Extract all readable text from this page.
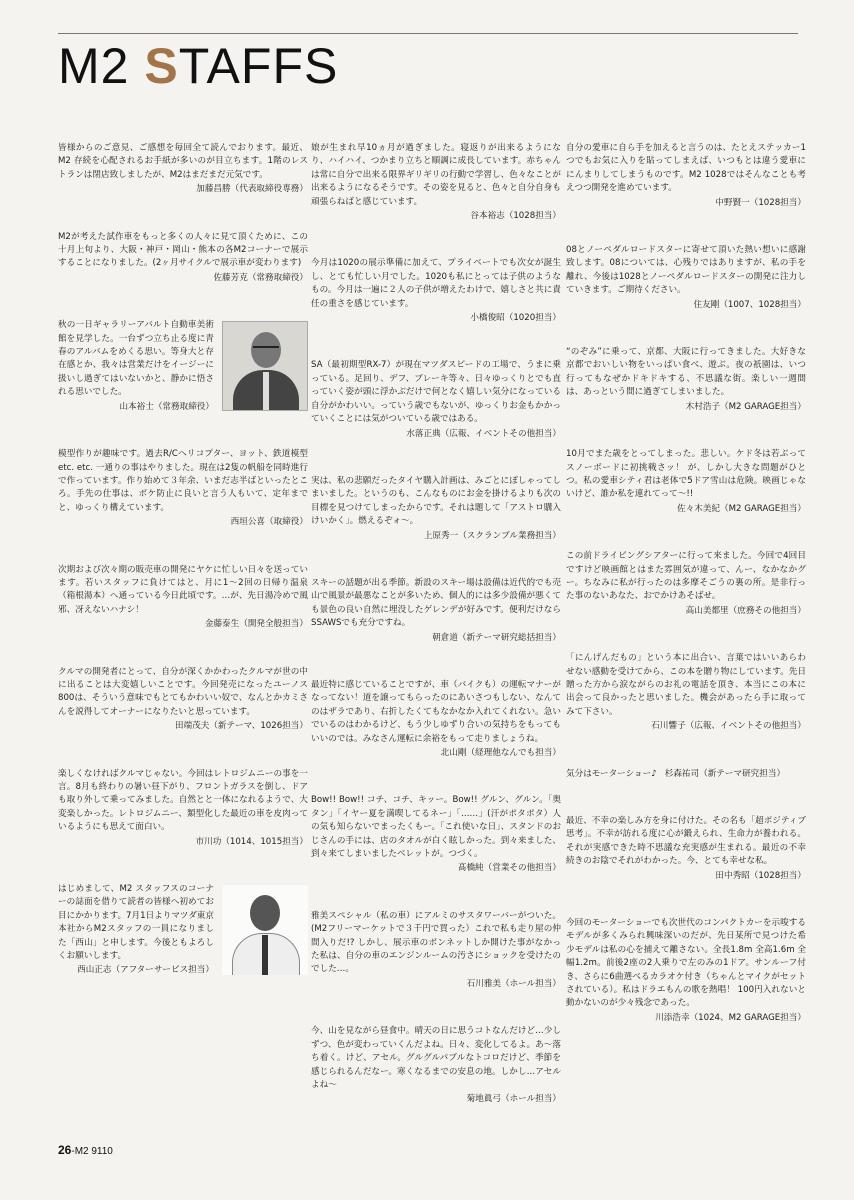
M2 STAFFS

皆様からのご意見、ご感想を毎回全て読んでおります。最近、M2 存続を心配されるお手紙が多いのが目立ちます。1階のレストランは閉店致しましたが、M2はまだまだ元気です。
加藤昌勝（代表取締役専務）

M2が考えた試作車をもっと多くの人々に見て頂くために、この十月上旬より、大阪・神戸・岡山・熊本の各M2コーナーで展示することになりました。(2ヶ月サイクルで展示車が変わります)
佐藤芳克（常務取締役）

秋の一日ギャラリーアバルト自動車美術館を見学した。一台ずつ立ち止る度に青春のアルバムをめくる思い。等身大と存在感とか、我々は営業だけをイージーに扱いし過ぎてはいないかと、静かに悟される思いでした。
山本裕士（常務取締役）

模型作りが趣味です。過去R/Cヘリコプター、ヨット、鉄道模型etc. etc. 一通りの事はやりました。現在は2隻の帆船を同時進行で作っています。作り始めて３年余、いまだ志半ばといったところ。手先の仕事は、ボケ防止に良いと言う人もいて、定年までと、ゆっくり構えています。
西垣公喜（取締役）

次期および次々期の販売車の開発にヤケに忙しい日々を送っています。若いスタッフに負けてはと、月に1〜2回の日帰り温泉（箱根湯本）へ通っている今日此頃です。…が、先日湯冷めで風邪、冴えないハナシ！
金藤泰生（開発全般担当）

クルマの開発者にとって、自分が深くかかわったクルマが世の中に出ることは大変嬉しいことです。今回発売になったユーノス800は、そういう意味でもとてもかわいい奴で、なんとかカミさんを説得してオーナーになりたいと思っています。
田端茂夫（新テーマ、1026担当）

楽しくなければクルマじゃない。今回はレトロジムニーの事を一言。8月も終わりの暑い昼下がり、フロントガラスを倒し、ドアも取り外して乗ってみました。自然とと一体になれるようで、大変楽しかった。レトロジムニー、類型化した最近の車を皮肉っているようにも思えて面白い。
市川功（1014、1015担当）

はじめまして、M2 スタッフスのコーナーの誌面を借りて読者の皆様へ初めてお目にかかります。7月1日よりマツダ東京本社からM2スタッフの一員になりました「西山」と申します。今後ともよろしくお願いします。
西山正志（アフターサービス担当）

娘が生まれ早10ヵ月が過ぎました。寝返りが出来るようになり、ハイハイ、つかまり立ちと順調に成長しています。赤ちゃんは常に自分で出来る限界ギリギリの行動で学習し、色々なことが出来るようになるそうです。その姿を見ると、色々と自分自身も頑張らねばと感じています。
谷本裕志（1028担当）

今月は1020の展示準備に加えて、プライベートでも次女が誕生し、とても忙しい月でした。1020も私にとっては子供のようなもの。今月は一遍に２人の子供が増えたわけで、嬉しさと共に責任の重さを感じています。
小橋俊昭（1020担当）

SA（最初期型RX-7）が現在マツダスピードの工場で、うまに乗っている。足回り、デフ、ブレーキ等々、日々ゆっくりとでも直っていく姿が頭に浮かぶだけで何となく嬉しい気分になっている自分がかわいい。っていう歳でもないが、ゆっくりお金もかかっていくことには気がついている歳ではある。
水落正典（広報、イベントその他担当）

実は、私の悲願だったタイヤ購入計画は、みごとにぽしゃってしまいました。というのも、こんなものにお金を掛けるよりも次の目標を見つけてしまったからです。それは題して「アストロ購入けいかく」。燃えるぞォ〜。
上原秀一（スクランブル業務担当）

スキーの話題が出る季節。新設のスキー場は設備は近代的でも売山で風景が最悪なことが多いため、個人的には多少設備が悪くても景色の良い自然に埋没したゲレンデが好みです。便利だけならSSAWSでも充分ですね。
朝倉道（新テーマ研究総括担当）

最近特に感じていることですが、車（バイクも）の運転マナーがなってない！道を譲ってもらったのにあいさつもしない、なんてのはザラであり、右折したくてもなかなか入れてくれない。急いでいるのはわかるけど、もう少しゆずり合いの気持ちをもってもいいのでは。みなさん運転に余裕をもって走りましょうね。
北山剛（経理他なんでも担当）

Bow!! Bow!! コチ、コチ、キッー。Bow!! グルン、グルン。「奥タン」「イヤー夏を満喫してるネー」「……」(汗がポタポタ）人の気も知らないでまったくもー。「これ使いな日」、スタンドのおじさんの手には、店のタオルが白く眩しかった。到々来ました、到々来てしまいましたベレットが。つづく。
髙橋純（営業その他担当）

雅美スペシャル（私の車）にアルミのサスタワーバーがついた。(M2フリーマーケットで３千円で買った）これで私も走り屋の仲間入りだ!? しかし、展示車のボンネットしか開けた事がなかった私は、自分の車のエンジンルームの汚さにショックを受けたのでした…。
石川雅美（ホール担当）

今、山を見ながら昼食中。晴天の日に思うコトなんだけど…少しずつ、色が変わっていくんだよね。日々、変化してるよ。あ〜落ち着く。けど、アセル。グルグルパブルなトコロだけど、季節を感じられるんだなー。寒くなるまでの安息の地。しかし…アセルよね〜
菊地眞弓（ホール担当）

自分の愛車に自ら手を加えると言うのは、たとえステッカー1つでもお気に入りを貼ってしまえば、いつもとは違う愛車ににんまりしてしまうものです。M2 1028ではそんなことも考えつつ開発を進めています。
中野賢一（1028担当）

08とノーペダルロードスターに寄せて頂いた熱い想いに感謝致します。08については、心残りではありますが、私の手を離れ、今後は1028とノーペダルロードスターの開発に注力していきます。ご期待ください。
住友剛（1007、1028担当）

“のぞみ”に乗って、京都、大阪に行ってきました。大好きな京都でおいしい物をいっぱい食べ、遊ぶ。夜の祇園は、いつ行ってもなぜかドキドキする、不思議な街。楽しい一週間は、あっという間に過ぎてしまいました。
木村浩子（M2 GARAGE担当）

10月でまた歳をとってしまった。悲しい。ケド冬は若ぶってスノーボードに初挑戦さッ！ が、しかし大きな問題がひとつ。私の愛車シティ君は老体で5ドア雪山は危険。映画じゃないけど、誰か私を連れてって〜!!
佐々木美紀（M2 GARAGE担当）

この前ドライビングシアターに行って来ました。今回で4回目ですけど映画館とはまた雰囲気が違って、んー、なかなかグー。ちなみに私が行ったのは多摩そごうの裏の所。是非行った事のないあなた、おでかけあそばせ。
高山美都里（庶務その他担当）

「にんげんだもの」という本に出合い、言葉ではいいあらわせない感動を受けてから、この本を贈り物にしています。先日贈った方から涙ながらのお礼の電話を頂き、本当にこの本に出会って良かったと思いました。機会があったら手に取ってみて下さい。
石川響子（広報、イベントその他担当）

気分はモーターショー♪ 杉森祐司（新テーマ研究担当）

最近、不幸の楽しみ方を身に付けた。その名も「超ポジティブ思考」。不幸が訪れる度に心が鍛えられ、生命力が養われる。それが実感できた時不思議な充実感が生まれる。最近の不幸続きのお陰でそれがわかった。今、とても幸せな私。
田中秀昭（1028担当）

今回のモーターショーでも次世代のコンパクトカーを示唆するモデルが多くみられ興味深いのだが、先日某所で見つけた希少モデルは私の心を捕えて離さない。全長1.8m 全高1.6m 全幅1.2m。前後2座の2人乗りで左のみの1ドア。サンルーフ付き、さらに6曲選べるカラオケ付き（ちゃんとマイクがセットされている）。私はドラエもんの歌を熱唱！ 100円入れないと動かないのが少々残念であった。
川添浩幸（1024、M2 GARAGE担当）

26-M2 9110
